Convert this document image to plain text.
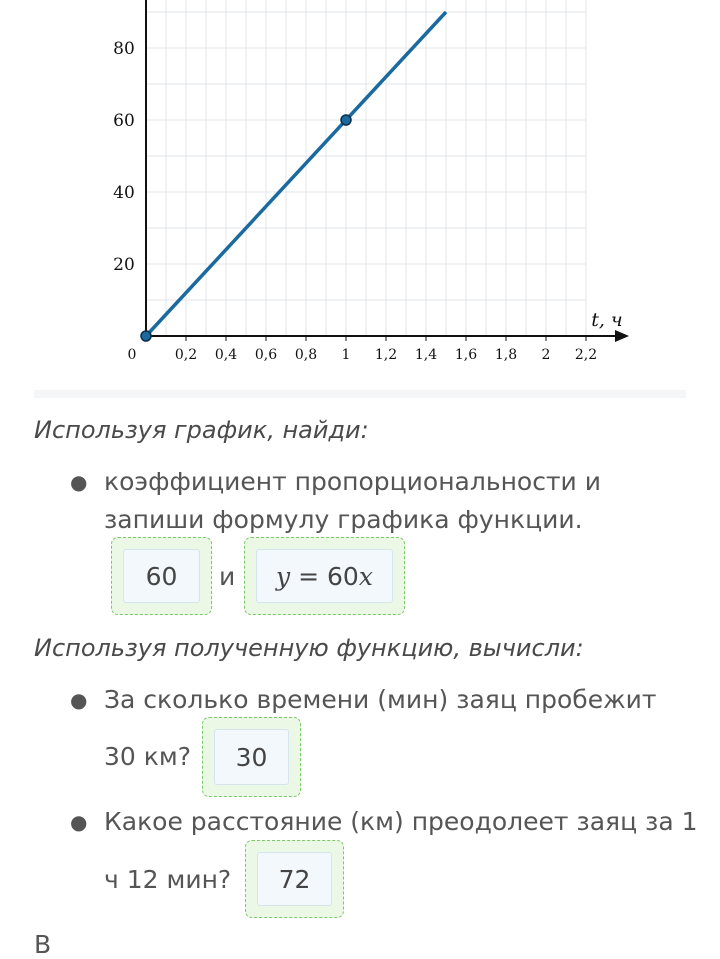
0,2 0,4 0,6 0,8 1 1,2 1,4 1,6 1,8 2 2,2
20
40
60
80
0
t, ч
Используя график, найди:
● коэффициент пропорциональности и
запиши формулу графика функции.
60	и y = 60 x
Используя полученную функцию, вычисли:
● За сколько времени (мин) заяц пробежит
30 км?	30
● Какое расстояние (км) преодолеет заяц за 1
ч 12 мин?	72
В
